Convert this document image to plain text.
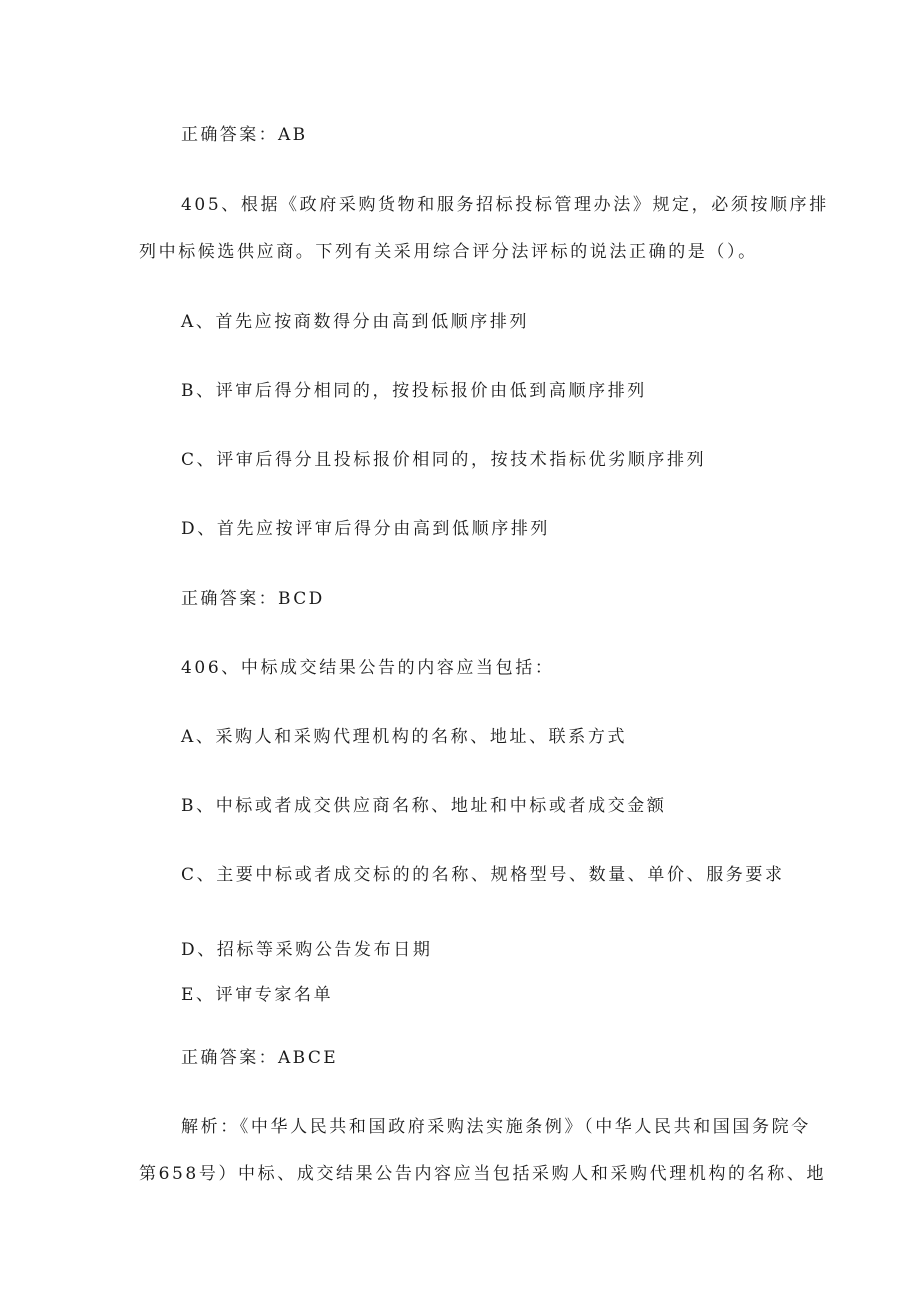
正确答案：AB
405、根据《政府采购货物和服务招标投标管理办法》规定，必须按顺序排
列中标候选供应商。下列有关采用综合评分法评标的说法正确的是（）。
A、首先应按商数得分由高到低顺序排列
B、评审后得分相同的，按投标报价由低到高顺序排列
C、评审后得分且投标报价相同的，按技术指标优劣顺序排列
D、首先应按评审后得分由高到低顺序排列
正确答案：BCD
406、中标成交结果公告的内容应当包括：
A、采购人和采购代理机构的名称、地址、联系方式
B、中标或者成交供应商名称、地址和中标或者成交金额
C、主要中标或者成交标的的名称、规格型号、数量、单价、服务要求
D、招标等采购公告发布日期
E、评审专家名单
正确答案：ABCE
解析：《中华人民共和国政府采购法实施条例》（中华人民共和国国务院令
第658号）中标、成交结果公告内容应当包括采购人和采购代理机构的名称、地
